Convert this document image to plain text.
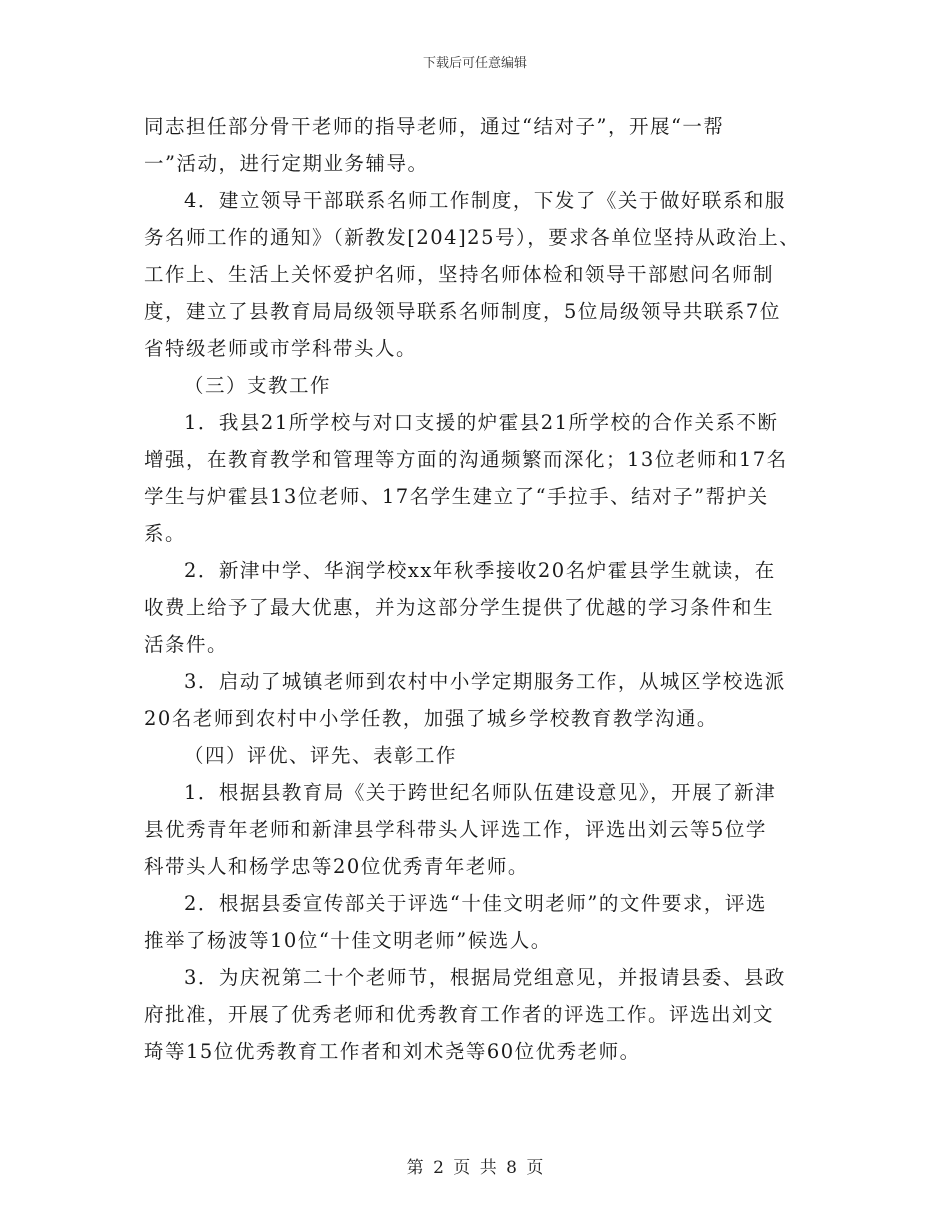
下载后可任意编辑
同志担任部分骨干老师的指导老师，通过“结对子”，开展“一帮
一”活动，进行定期业务辅导。
4．建立领导干部联系名师工作制度，下发了《关于做好联系和服
务名师工作的通知》（新教发[204]25号），要求各单位坚持从政治上、
工作上、生活上关怀爱护名师，坚持名师体检和领导干部慰问名师制
度，建立了县教育局局级领导联系名师制度，5位局级领导共联系7位
省特级老师或市学科带头人。
（三）支教工作
1．我县21所学校与对口支援的炉霍县21所学校的合作关系不断
增强，在教育教学和管理等方面的沟通频繁而深化；13位老师和17名
学生与炉霍县13位老师、17名学生建立了“手拉手、结对子”帮护关
系。
2．新津中学、华润学校xx年秋季接收20名炉霍县学生就读，在
收费上给予了最大优惠，并为这部分学生提供了优越的学习条件和生
活条件。
3．启动了城镇老师到农村中小学定期服务工作，从城区学校选派
20名老师到农村中小学任教，加强了城乡学校教育教学沟通。
（四）评优、评先、表彰工作
1．根据县教育局《关于跨世纪名师队伍建设意见》，开展了新津
县优秀青年老师和新津县学科带头人评选工作，评选出刘云等5位学
科带头人和杨学忠等20位优秀青年老师。
2．根据县委宣传部关于评选“十佳文明老师”的文件要求，评选
推举了杨波等10位“十佳文明老师”候选人。
3．为庆祝第二十个老师节，根据局党组意见，并报请县委、县政
府批准，开展了优秀老师和优秀教育工作者的评选工作。评选出刘文
琦等15位优秀教育工作者和刘术尧等60位优秀老师。
第 2 页 共 8 页
